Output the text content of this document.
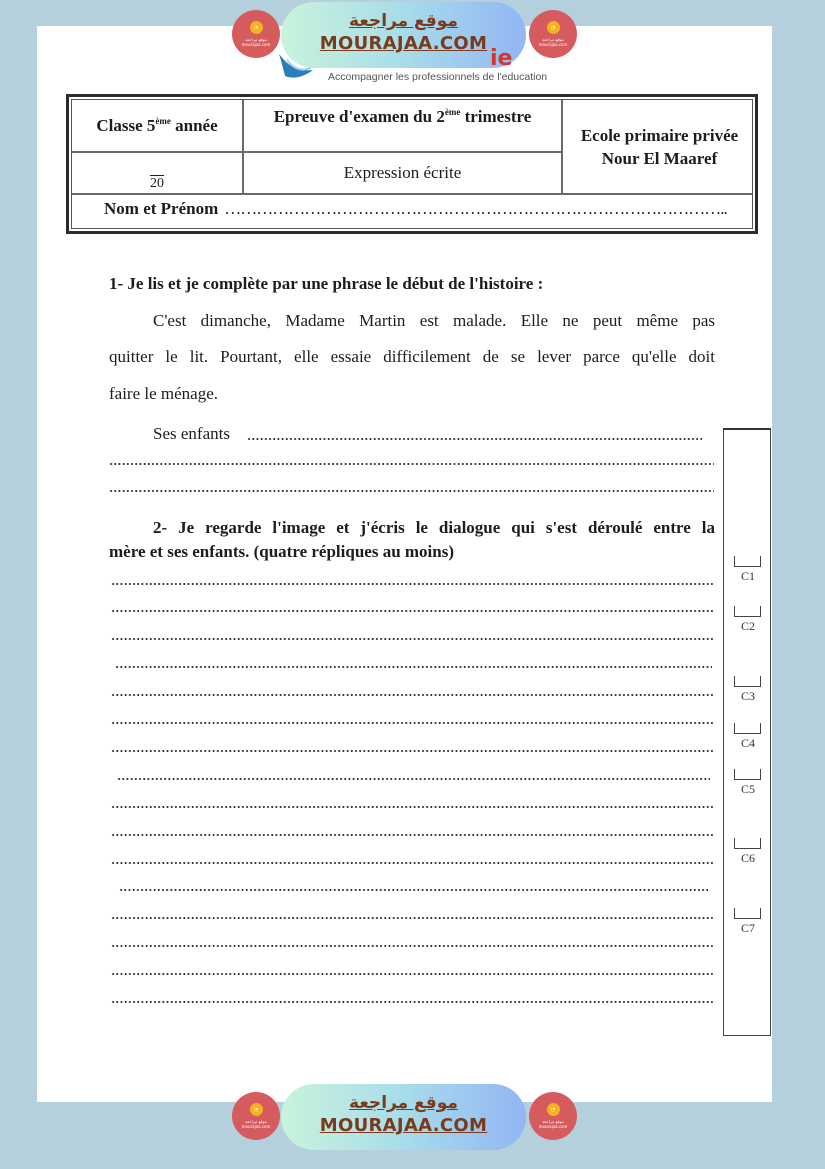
◔
موقع مراجعة mourajaa.com
موقع مراجعة
MOURAJAA.COM
◔
موقع مراجعة mourajaa.com
ie
Accompagner les professionnels de l'education
Classe 5ème année	Epreuve d'examen du 2ème trimestre
Ecole primaire privée
Nour El Maaref
20
Expression écrite
Nom et Prénom …………………………………………………………………………………..
1- Je lis et je complète par une phrase le début de l'histoire :
C'est dimanche, Madame Martin est malade. Elle ne peut même pas
quitter le lit. Pourtant, elle essaie difficilement de se lever parce qu'elle doit
faire le ménage.
Ses enfants
2- Je regarde l'image et j'écris le dialogue qui s'est déroulé entre la
mère et ses enfants. (quatre répliques au moins)
C1
C2
C3
C4
C5
C6
C7
◔
موقع مراجعة mourajaa.com
موقع مراجعة
MOURAJAA.COM
◔
موقع مراجعة mourajaa.com
